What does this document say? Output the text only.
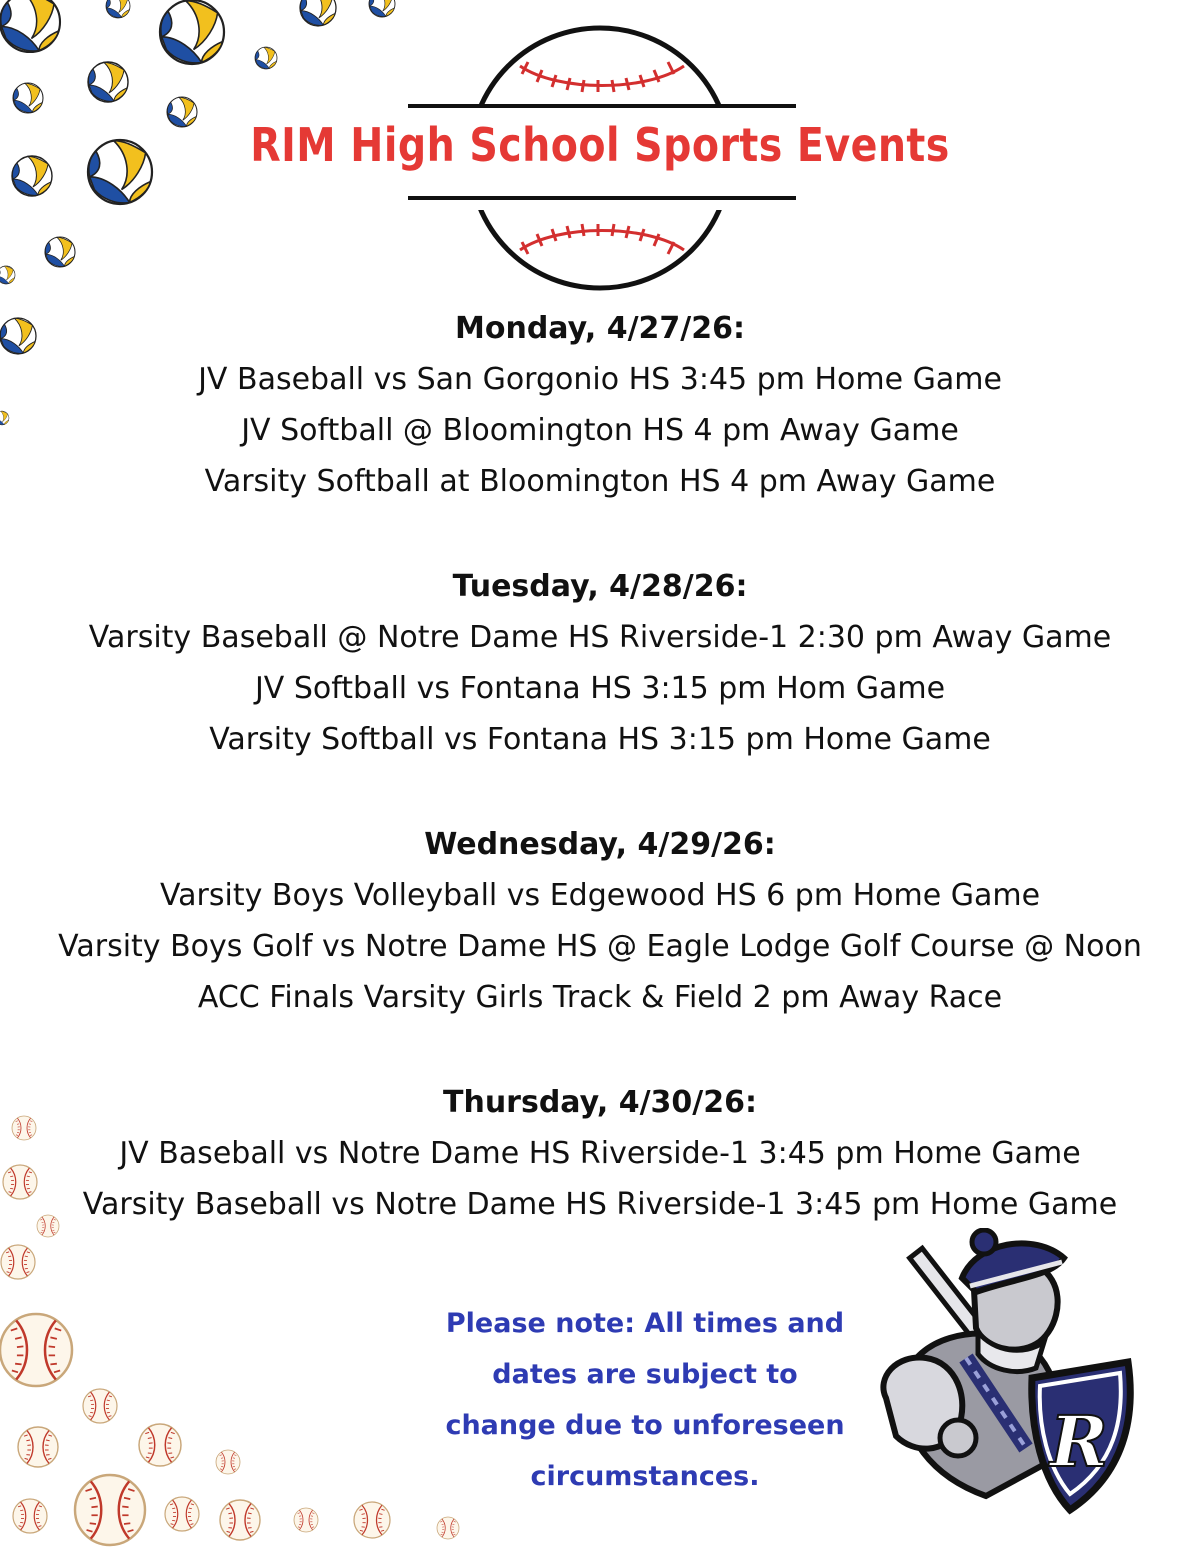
RIM High School Sports Events
Monday, 4/27/26:
JV Baseball vs San Gorgonio HS 3:45 pm Home Game
JV Softball @ Bloomington HS 4 pm Away Game
Varsity Softball at Bloomington HS 4 pm Away Game
Tuesday, 4/28/26:
Varsity Baseball @ Notre Dame HS Riverside-1 2:30 pm Away Game
JV Softball vs Fontana HS 3:15 pm Hom Game
Varsity Softball vs Fontana HS 3:15 pm Home Game
Wednesday, 4/29/26:
Varsity Boys Volleyball vs Edgewood HS 6 pm Home Game
Varsity Boys Golf vs Notre Dame HS @ Eagle Lodge Golf Course @ Noon
ACC Finals Varsity Girls Track & Field 2 pm Away Race
Thursday, 4/30/26:
JV Baseball vs Notre Dame HS Riverside-1 3:45 pm Home Game
Varsity Baseball vs Notre Dame HS Riverside-1 3:45 pm Home Game
Please note: All times and
dates are subject to
change due to unforeseen
circumstances.	R
